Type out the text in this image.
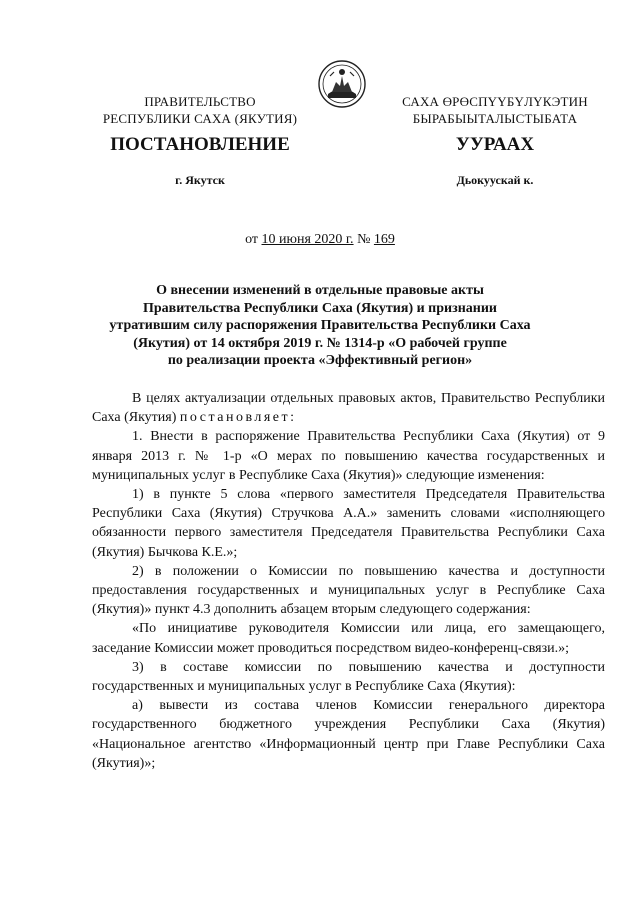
ПРАВИТЕЛЬСТВО
РЕСПУБЛИКИ САХА (ЯКУТИЯ)
САХА ӨРӨСПҮҮБҮЛҮКЭТИН
БЫРАБЫЫТАЛЫСТЫБАТА
ПОСТАНОВЛЕНИЕ	УУРААХ
г. Якутск	Дьокуускай к.
от 10 июня 2020 г. № 169
О внесении изменений в отдельные правовые акты
Правительства Республики Саха (Якутия) и признании
утратившим силу распоряжения Правительства Республики Саха
(Якутия) от 14 октября 2019 г. № 1314-р «О рабочей группе
по реализации проекта «Эффективный регион»

В целях актуализации отдельных правовых актов, Правительство Республики Саха (Якутия) постановляет:

1. Внести в распоряжение Правительства Республики Саха (Якутия) от 9 января 2013 г. № 1-р «О мерах по повышению качества государственных и муниципальных услуг в Республике Саха (Якутия)» следующие изменения:

1) в пункте 5 слова «первого заместителя Председателя Правительства Республики Саха (Якутия) Стручкова А.А.» заменить словами «исполняющего обязанности первого заместителя Председателя Правительства Республики Саха (Якутия) Бычкова К.Е.»;

2) в положении о Комиссии по повышению качества и доступности предоставления государственных и муниципальных услуг в Республике Саха (Якутия)» пункт 4.3 дополнить абзацем вторым следующего содержания:

«По инициативе руководителя Комиссии или лица, его замещающего, заседание Комиссии может проводиться посредством видео-конференц-связи.»;

3) в составе комиссии по повышению качества и доступности государственных и муниципальных услуг в Республике Саха (Якутия):

а) вывести из состава членов Комиссии генерального директора государственного бюджетного учреждения Республики Саха (Якутия) «Национальное агентство «Информационный центр при Главе Республики Саха (Якутия)»;
